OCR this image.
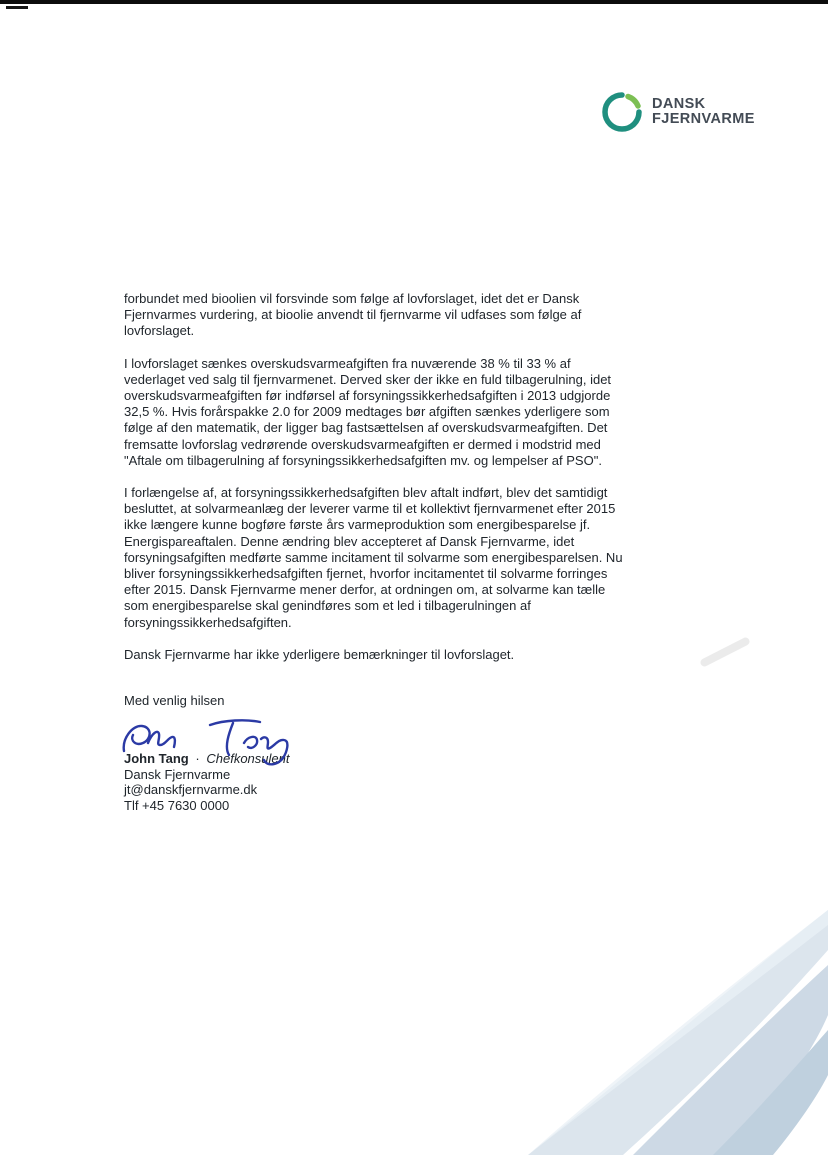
DANSK
FJERNVARME

forbundet med bioolien vil forsvinde som følge af lovforslaget, idet det er Dansk Fjernvarmes vurdering, at bioolie anvendt til fjernvarme vil udfases som følge af lovforslaget.

I lovforslaget sænkes overskudsvarmeafgiften fra nuværende 38 % til 33 % af vederlaget ved salg til fjernvarmenet. Derved sker der ikke en fuld tilbagerulning, idet overskudsvarmeafgiften før indførsel af forsyningssikkerhedsafgiften i 2013 udgjorde 32,5 %. Hvis forårspakke 2.0 for 2009 medtages bør afgiften sænkes yderligere som følge af den matematik, der ligger bag fastsættelsen af overskudsvarmeafgiften. Det fremsatte lovforslag vedrørende overskudsvarmeafgiften er dermed i modstrid med "Aftale om tilbagerulning af forsyningssikkerhedsafgiften mv. og lempelser af PSO".

I forlængelse af, at forsyningssikkerhedsafgiften blev aftalt indført, blev det samtidigt besluttet, at solvarmeanlæg der leverer varme til et kollektivt fjernvarmenet efter 2015 ikke længere kunne bogføre første års varmeproduktion som energibesparelse jf. Energispareaftalen. Denne ændring blev accepteret af Dansk Fjernvarme, idet forsyningsafgiften medførte samme incitament til solvarme som energibesparelsen. Nu bliver forsyningssikkerhedsafgiften fjernet, hvorfor incitamentet til solvarme forringes efter 2015. Dansk Fjernvarme mener derfor, at ordningen om, at solvarme kan tælle som energibesparelse skal genindføres som et led i tilbagerulningen af forsyningssikkerhedsafgiften.

Dansk Fjernvarme har ikke yderligere bemærkninger til lovforslaget.

Med venlig hilsen

John Tang · Chefkonsulent
Dansk Fjernvarme
jt@danskfjernvarme.dk
Tlf +45 7630 0000
